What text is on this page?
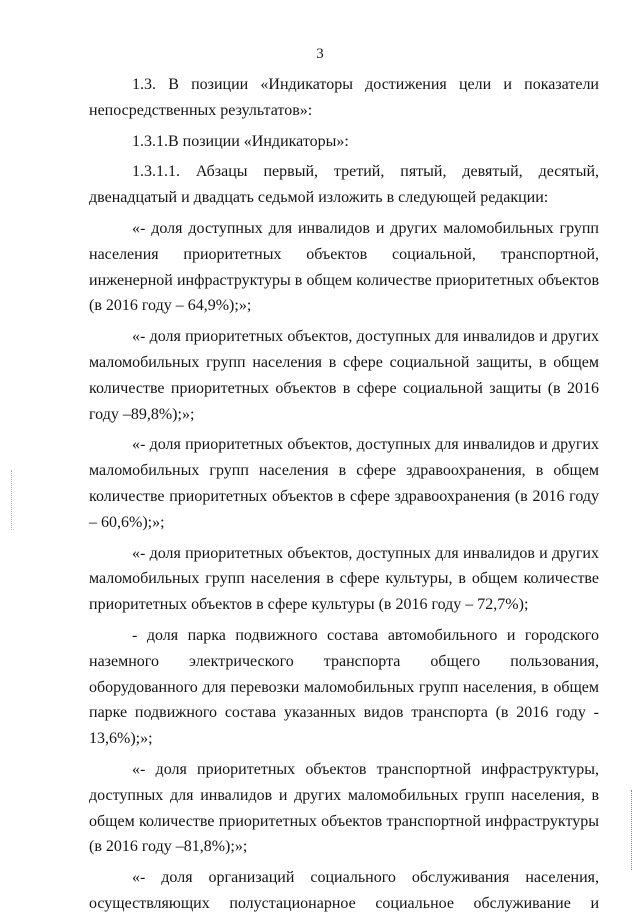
3

1.3. В позиции «Индикаторы достижения цели и показатели непосредственных результатов»:

1.3.1.В позиции «Индикаторы»:

1.3.1.1. Абзацы первый, третий, пятый, девятый, десятый, двенадцатый и двадцать седьмой изложить в следующей редакции:

«- доля доступных для инвалидов и других маломобильных групп населения приоритетных объектов социальной, транспортной, инженерной инфраструктуры в общем количестве приоритетных объектов (в 2016 году – 64,9%);»;

«- доля приоритетных объектов, доступных для инвалидов и других маломобильных групп населения в сфере социальной защиты, в общем количестве приоритетных объектов в сфере социальной защиты (в 2016 году –89,8%);»;

«- доля приоритетных объектов, доступных для инвалидов и других маломобильных групп населения в сфере здравоохранения, в общем количестве приоритетных объектов в сфере здравоохранения (в 2016 году – 60,6%);»;

«- доля приоритетных объектов, доступных для инвалидов и других маломобильных групп населения в сфере культуры, в общем количестве приоритетных объектов в сфере культуры (в 2016 году – 72,7%);

- доля парка подвижного состава автомобильного и городского наземного электрического транспорта общего пользования, оборудованного для перевозки маломобильных групп населения, в общем парке подвижного состава указанных видов транспорта (в 2016 году - 13,6%);»;

«- доля приоритетных объектов транспортной инфраструктуры, доступных для инвалидов и других маломобильных групп населения, в общем количестве приоритетных объектов транспортной инфраструктуры (в 2016 году –81,8%);»;

«- доля организаций социального обслуживания населения,

осуществляющих полустационарное социальное обслуживание и
